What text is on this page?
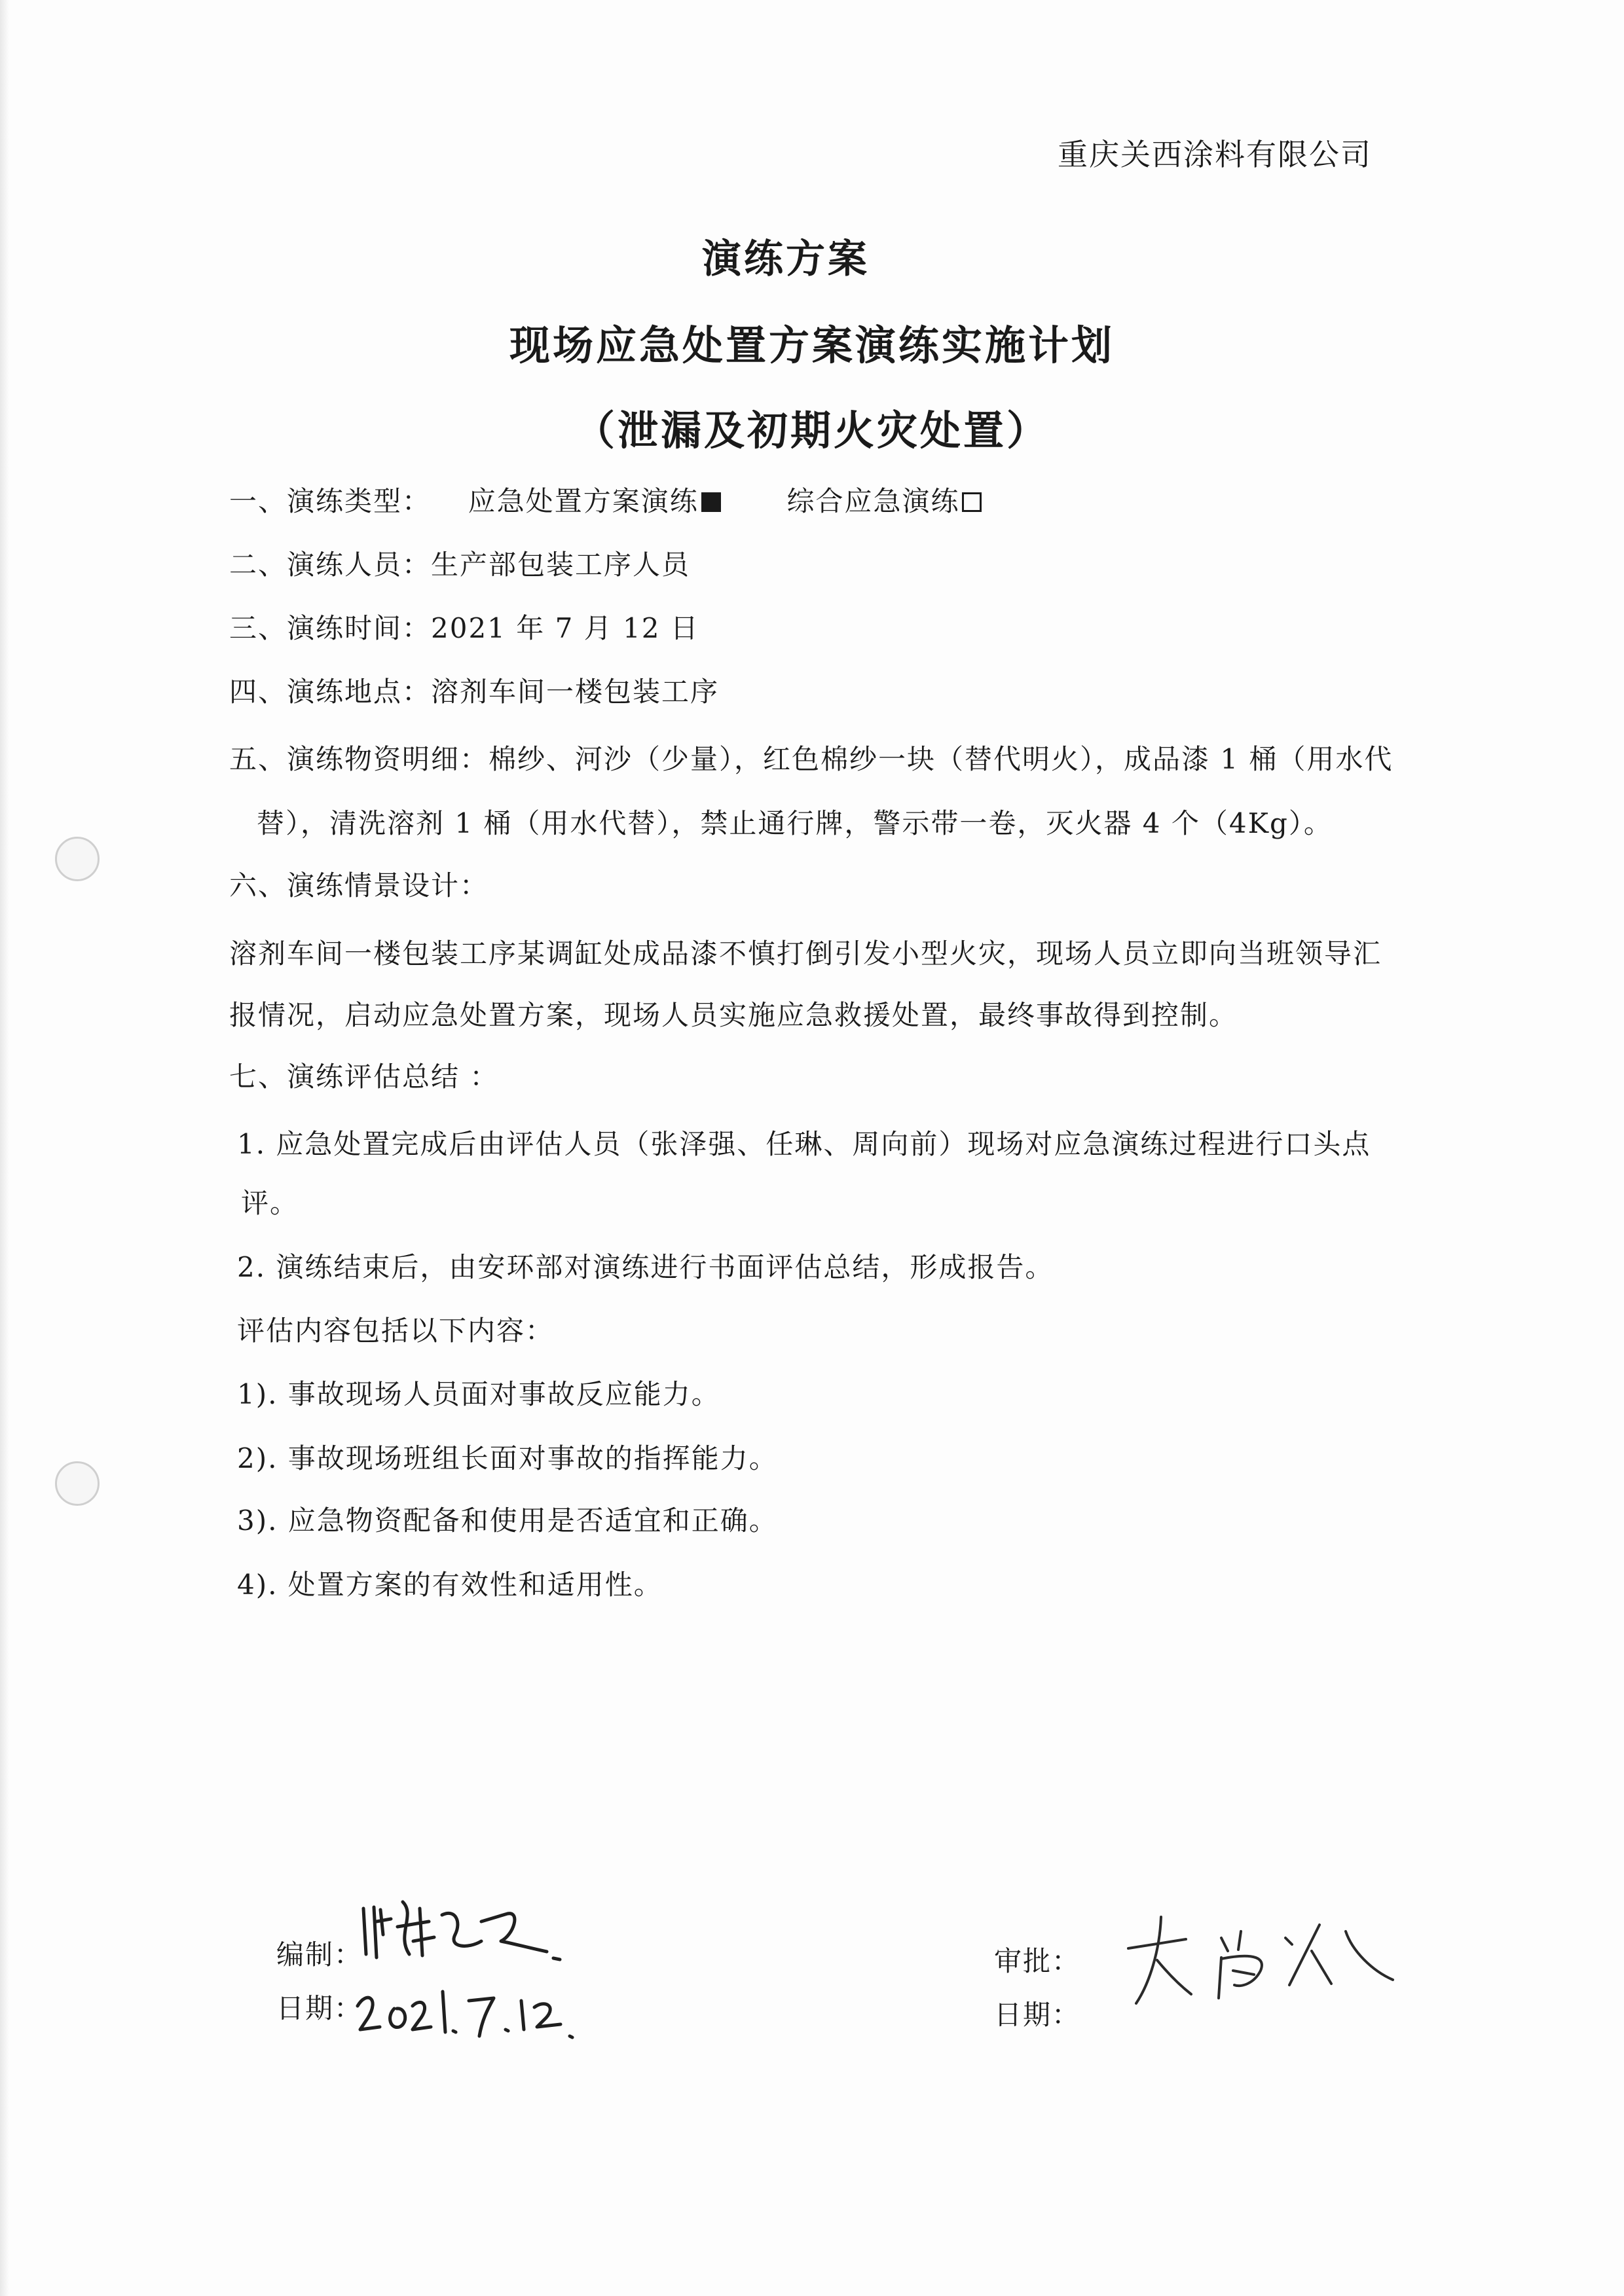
重庆关西涂料有限公司
演练方案
现场应急处置方案演练实施计划
（泄漏及初期火灾处置）
一、演练类型： 应急处置方案演练	综合应急演练
二、演练人员：生产部包装工序人员
三、演练时间：2021 年 7 月 12 日
四、演练地点：溶剂车间一楼包装工序
五、演练物资明细：棉纱、河沙（少量），红色棉纱一块（替代明火），成品漆 1 桶（用水代
替），清洗溶剂 1 桶（用水代替），禁止通行牌，警示带一卷，灭火器 4 个（4Kg）。
六、演练情景设计：
溶剂车间一楼包装工序某调缸处成品漆不慎打倒引发小型火灾，现场人员立即向当班领导汇
报情况，启动应急处置方案，现场人员实施应急救援处置，最终事故得到控制。
七、演练评估总结 ：
1. 应急处置完成后由评估人员（张泽强、任琳、周向前）现场对应急演练过程进行口头点
评。
2. 演练结束后，由安环部对演练进行书面评估总结，形成报告。
评估内容包括以下内容：
1). 事故现场人员面对事故反应能力。
2). 事故现场班组长面对事故的指挥能力。
3). 应急物资配备和使用是否适宜和正确。
4). 处置方案的有效性和适用性。
编制：
日期：
审批：
日期：
